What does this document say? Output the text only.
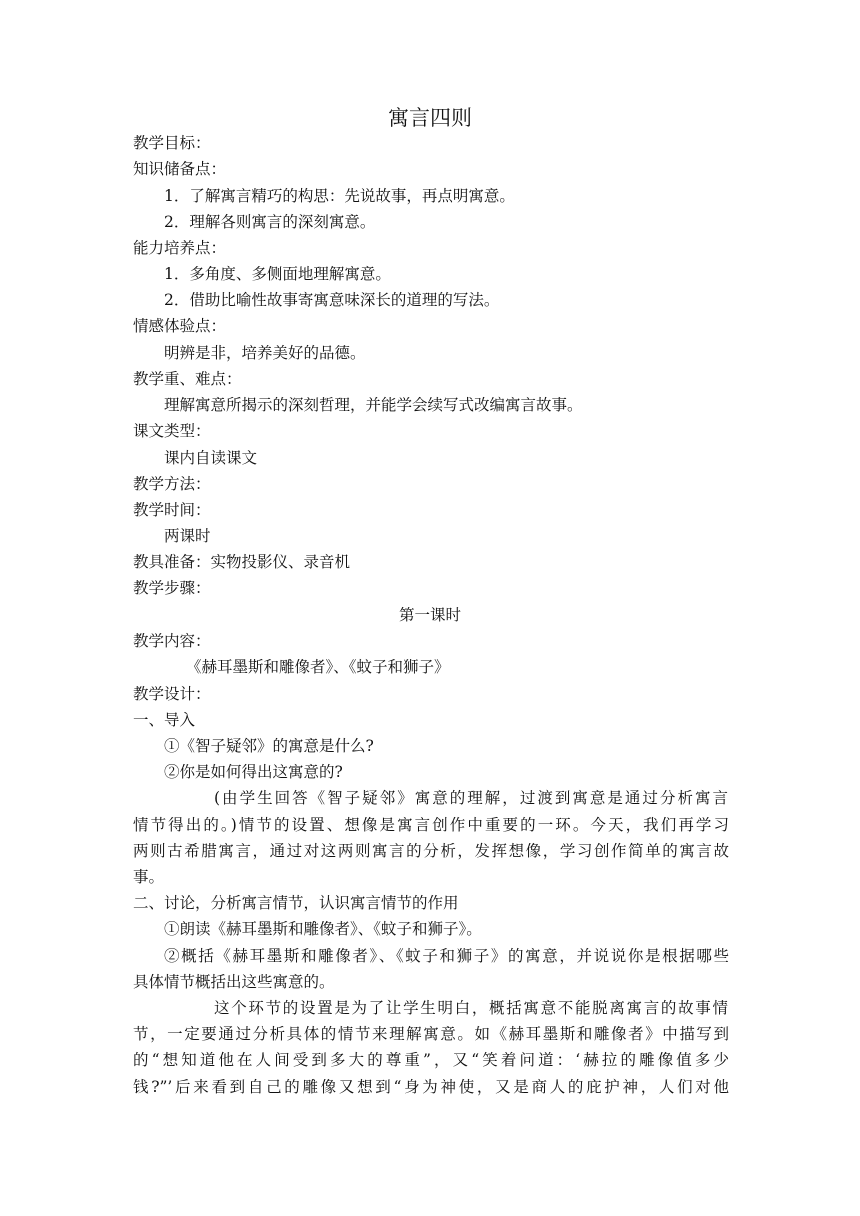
寓言四则
教学目标：
知识储备点：
1．了解寓言精巧的构思：先说故事，再点明寓意。
2．理解各则寓言的深刻寓意。
能力培养点：
1．多角度、多侧面地理解寓意。
2．借助比喻性故事寄寓意味深长的道理的写法。
情感体验点：
明辨是非，培养美好的品德。
教学重、难点：
理解寓意所揭示的深刻哲理，并能学会续写式改编寓言故事。
课文类型：
课内自读课文
教学方法：
教学时间：
两课时
教具准备：实物投影仪、录音机
教学步骤：
第一课时
教学内容：
《赫耳墨斯和雕像者》、《蚊子和狮子》
教学设计：
一、导入
①《智子疑邻》的寓意是什么?
②你是如何得出这寓意的?
(由学生回答《智子疑邻》寓意的理解，过渡到寓意是通过分析寓言
情节得出的。)情节的设置、想像是寓言创作中重要的一环。今天，我们再学习
两则古希腊寓言，通过对这两则寓言的分析，发挥想像，学习创作简单的寓言故
事。
二、讨论，分析寓言情节，认识寓言情节的作用
①朗读《赫耳墨斯和雕像者》、《蚊子和狮子》。
②概括《赫耳墨斯和雕像者》、《蚊子和狮子》的寓意，并说说你是根据哪些
具体情节概括出这些寓意的。
这个环节的设置是为了让学生明白，概括寓意不能脱离寓言的故事情
节，一定要通过分析具体的情节来理解寓意。如《赫耳墨斯和雕像者》中描写到
的“想知道他在人间受到多大的尊重”，又“笑着问道：‘赫拉的雕像值多少
钱?”’后来看到自己的雕像又想到“身为神使，又是商人的庇护神，人们对他
